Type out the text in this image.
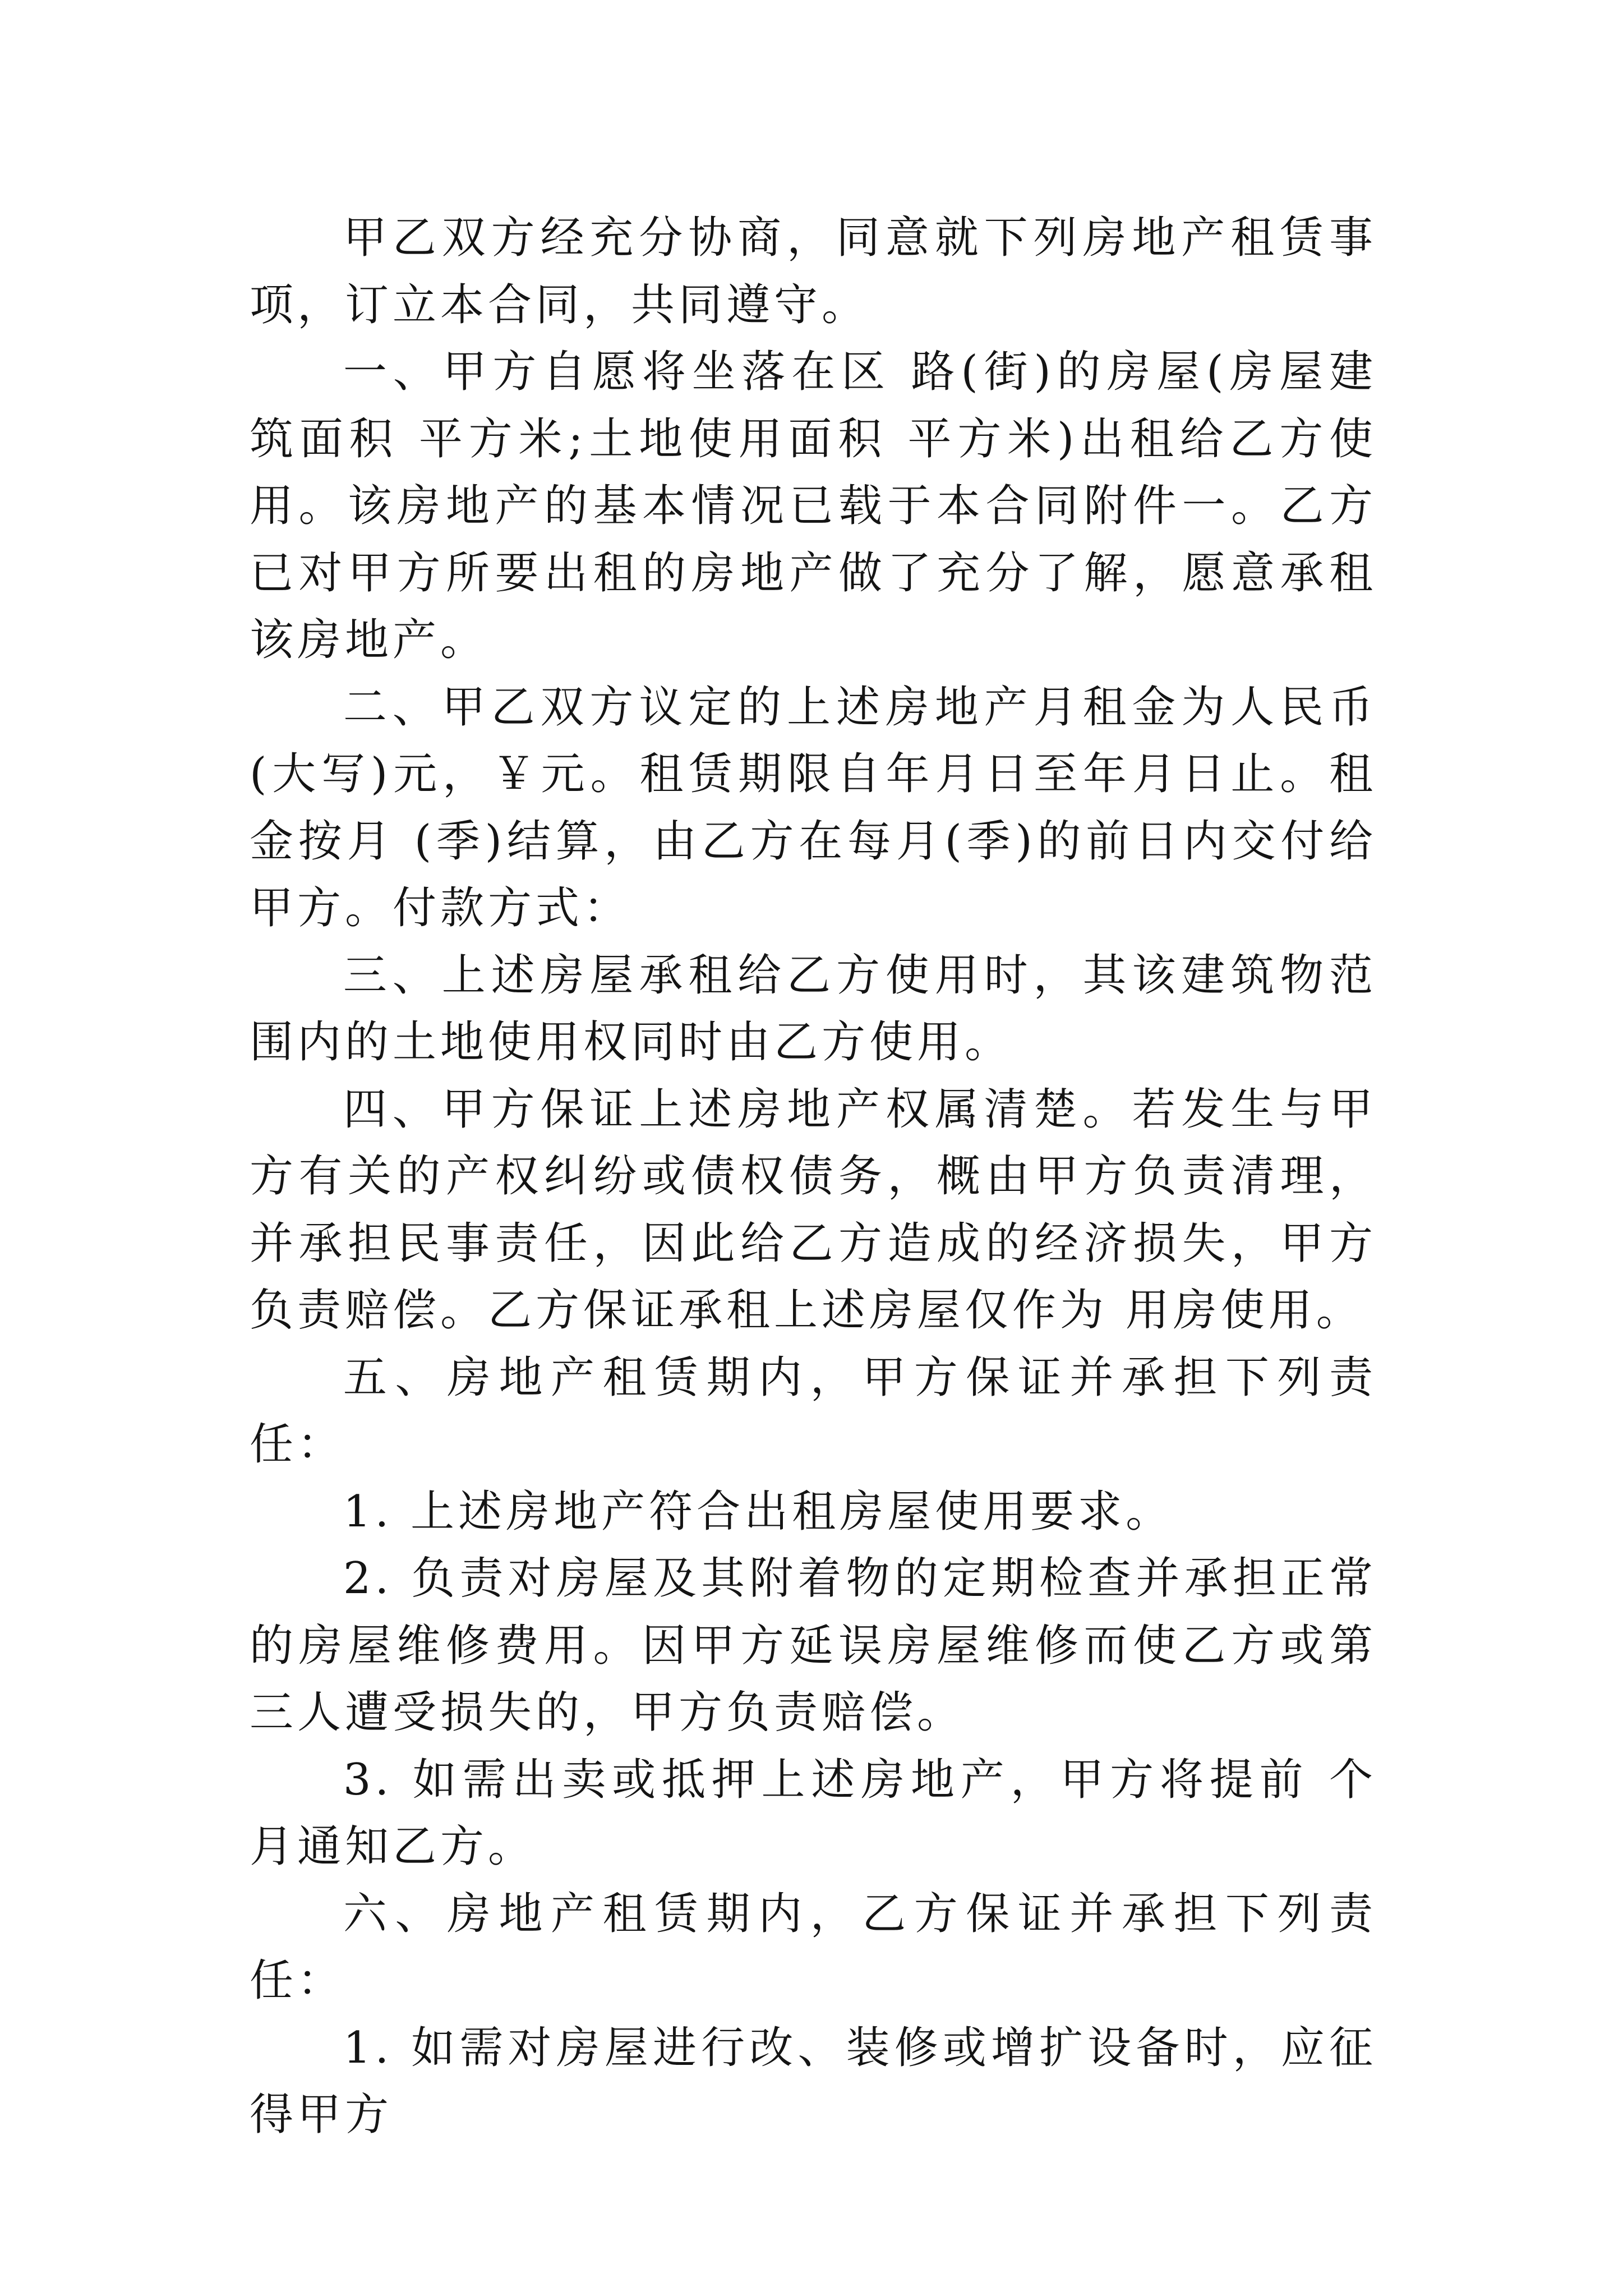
甲乙双方经充分协商，同意就下列房地产租赁事项，订立本合同，共同遵守。

一、甲方自愿将坐落在区 路(街)的房屋(房屋建筑面积 平方米;土地使用面积 平方米)出租给乙方使用。该房地产的基本情况已载于本合同附件一。乙方已对甲方所要出租的房地产做了充分了解，愿意承租该房地产。

二、甲乙双方议定的上述房地产月租金为人民币(大写)元，￥元。租赁期限自年月日至年月日止。租金按月 (季)结算，由乙方在每月(季)的前日内交付给甲方。付款方式：

三、上述房屋承租给乙方使用时，其该建筑物范围内的土地使用权同时由乙方使用。

四、甲方保证上述房地产权属清楚。若发生与甲方有关的产权纠纷或债权债务，概由甲方负责清理，并承担民事责任，因此给乙方造成的经济损失，甲方负责赔偿。乙方保证承租上述房屋仅作为 用房使用。

五、房地产租赁期内，甲方保证并承担下列责任：

1. 上述房地产符合出租房屋使用要求。

2. 负责对房屋及其附着物的定期检查并承担正常的房屋维修费用。因甲方延误房屋维修而使乙方或第三人遭受损失的，甲方负责赔偿。

3. 如需出卖或抵押上述房地产，甲方将提前 个月通知乙方。

六、房地产租赁期内，乙方保证并承担下列责任：

1. 如需对房屋进行改、装修或增扩设备时，应征得甲方
